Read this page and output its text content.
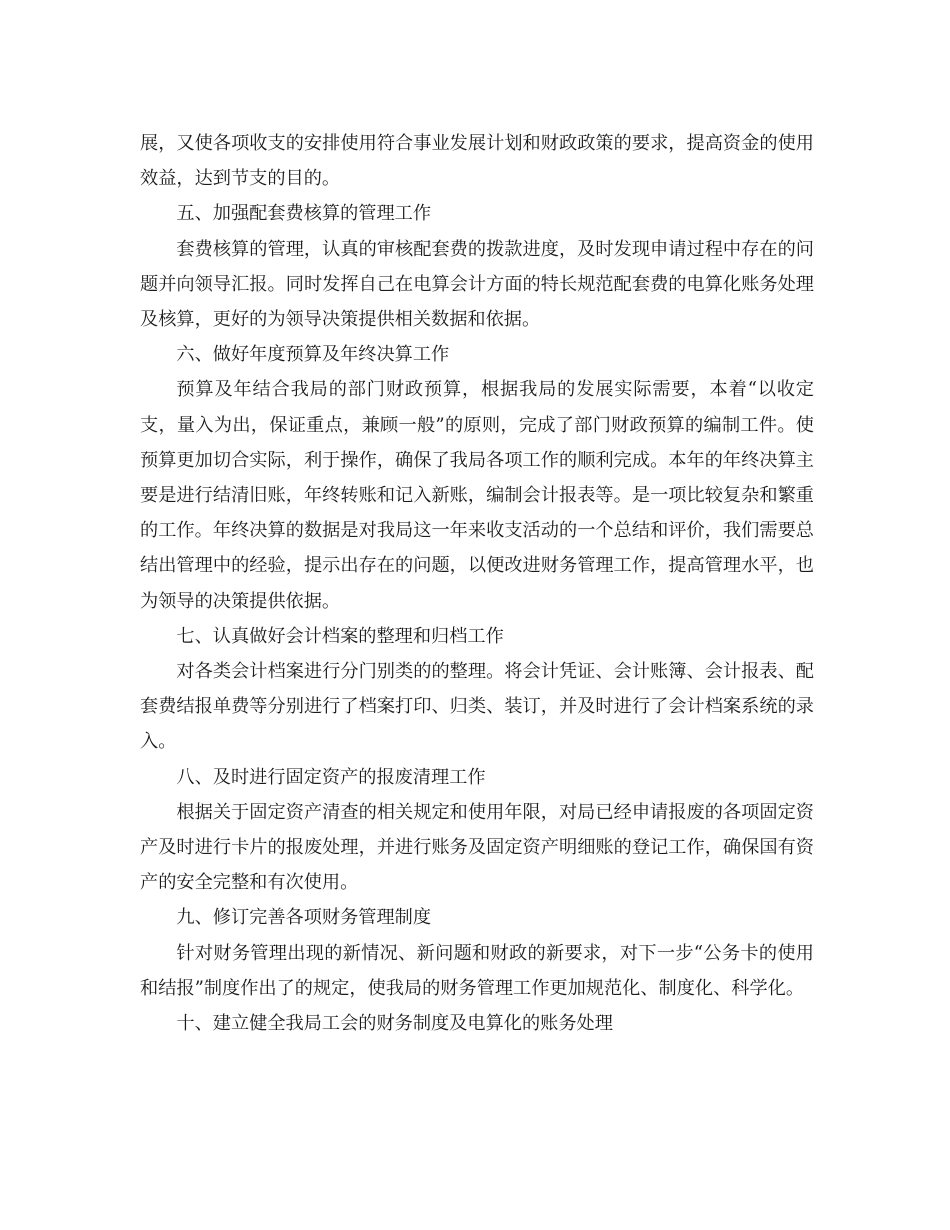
展，又使各项收支的安排使用符合事业发展计划和财政政策的要求，提高资金的使用效益，达到节支的目的。

五、加强配套费核算的管理工作

套费核算的管理，认真的审核配套费的拨款进度，及时发现申请过程中存在的问题并向领导汇报。同时发挥自己在电算会计方面的特长规范配套费的电算化账务处理及核算，更好的为领导决策提供相关数据和依据。

六、做好年度预算及年终决算工作

预算及年结合我局的部门财政预算，根据我局的发展实际需要，本着“以收定支，量入为出，保证重点，兼顾一般”的原则，完成了部门财政预算的编制工件。使预算更加切合实际，利于操作，确保了我局各项工作的顺利完成。本年的年终决算主要是进行结清旧账，年终转账和记入新账，编制会计报表等。是一项比较复杂和繁重的工作。年终决算的数据是对我局这一年来收支活动的一个总结和评价，我们需要总结出管理中的经验，提示出存在的问题，以便改进财务管理工作，提高管理水平，也为领导的决策提供依据。

七、认真做好会计档案的整理和归档工作

对各类会计档案进行分门别类的的整理。将会计凭证、会计账簿、会计报表、配套费结报单费等分别进行了档案打印、归类、装订，并及时进行了会计档案系统的录入。

八、及时进行固定资产的报废清理工作

根据关于固定资产清查的相关规定和使用年限，对局已经申请报废的各项固定资产及时进行卡片的报废处理，并进行账务及固定资产明细账的登记工作，确保国有资产的安全完整和有次使用。

九、修订完善各项财务管理制度

针对财务管理出现的新情况、新问题和财政的新要求，对下一步“公务卡的使用和结报”制度作出了的规定，使我局的财务管理工作更加规范化、制度化、科学化。

十、建立健全我局工会的财务制度及电算化的账务处理
